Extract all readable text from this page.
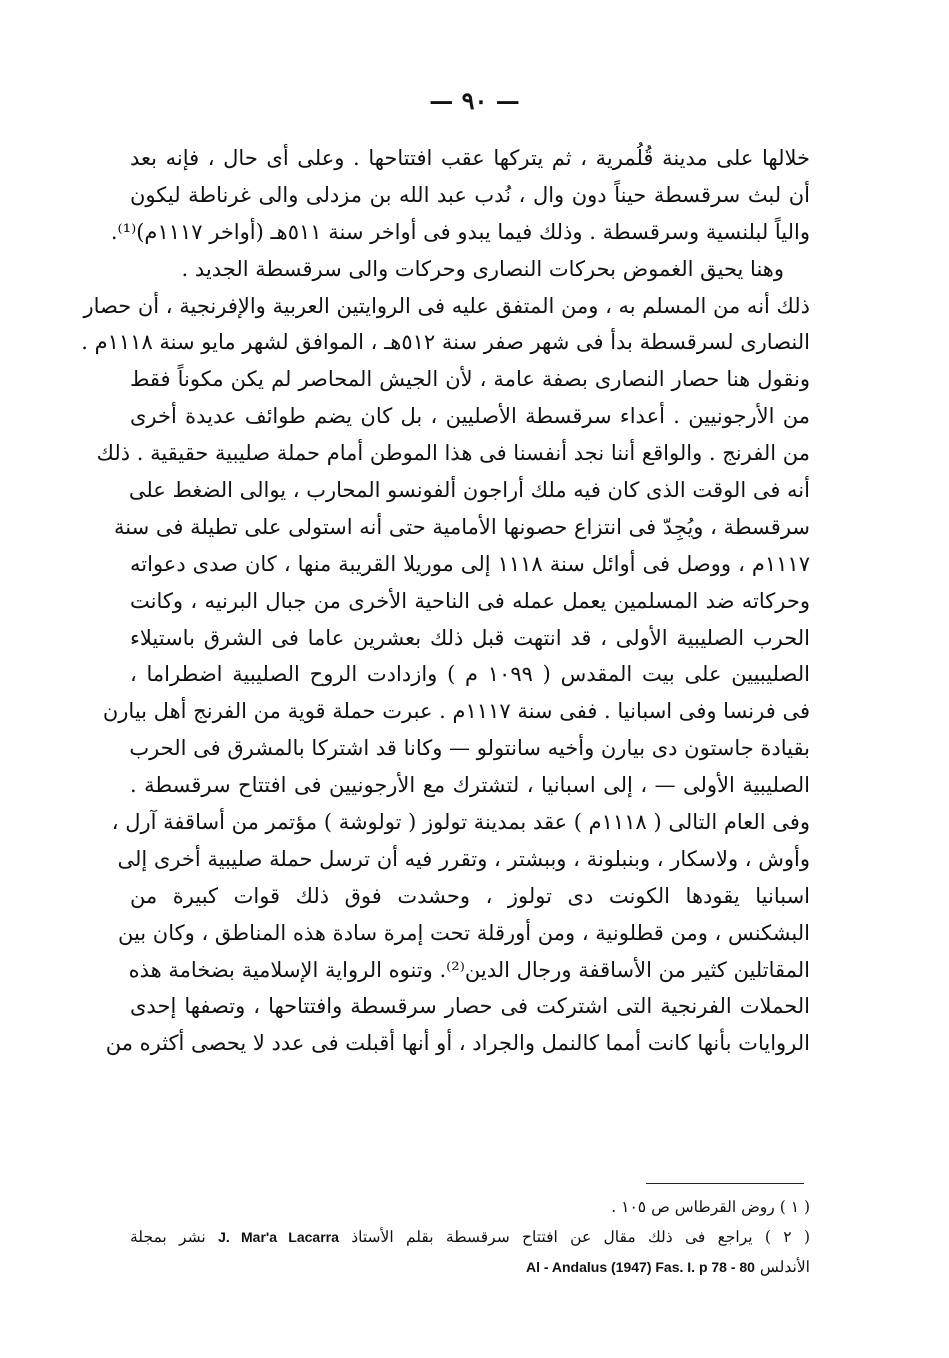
— ٩٠ —
خلالها على مدينة قُلُمرية ، ثم يتركها عقب افتتاحها . وعلى أى حال ، فإنه بعد
أن لبث سرقسطة حيناً دون وال ، نُدب عبد الله بن مزدلى والى غرناطة ليكون
والياً لبلنسية وسرقسطة . وذلك فيما يبدو فى أواخر سنة ٥١١هـ (أواخر ١١١٧م)⁽¹⁾.
وهنا يحيق الغموض بحركات النصارى وحركات والى سرقسطة الجديد .
ذلك أنه من المسلم به ، ومن المتفق عليه فى الروايتين العربية والإفرنجية ، أن حصار
النصارى لسرقسطة بدأ فى شهر صفر سنة ٥١٢هـ ، الموافق لشهر مايو سنة ١١١٨م .
ونقول هنا حصار النصارى بصفة عامة ، لأن الجيش المحاصر لم يكن مكوناً فقط
من الأرجونيين . أعداء سرقسطة الأصليين ، بل كان يضم طوائف عديدة أخرى
من الفرنج . والواقع أننا نجد أنفسنا فى هذا الموطن أمام حملة صليبية حقيقية . ذلك
أنه فى الوقت الذى كان فيه ملك أراجون ألفونسو المحارب ، يوالى الضغط على
سرقسطة ، ويُجِدّ فى انتزاع حصونها الأمامية حتى أنه استولى على تطيلة فى سنة
١١١٧م ، ووصل فى أوائل سنة ١١١٨ إلى موريلا القريبة منها ، كان صدى دعواته
وحركاته ضد المسلمين يعمل عمله فى الناحية الأخرى من جبال البرنيه ، وكانت
الحرب الصليبية الأولى ، قد انتهت قبل ذلك بعشرين عاما فى الشرق باستيلاء
الصليبيين على بيت المقدس ( ١٠٩٩ م ) وازدادت الروح الصليبية اضطراما ،
فى فرنسا وفى اسبانيا . ففى سنة ١١١٧م . عبرت حملة قوية من الفرنج أهل بيارن
بقيادة جاستون دى بيارن وأخيه سانتولو — وكانا قد اشتركا بالمشرق فى الحرب
الصليبية الأولى — ، إلى اسبانيا ، لتشترك مع الأرجونيين فى افتتاح سرقسطة .
وفى العام التالى ( ١١١٨م ) عقد بمدينة تولوز ( تولوشة ) مؤتمر من أساقفة آرل ،
وأوش ، ولاسكار ، وبنبلونة ، وببشتر ، وتقرر فيه أن ترسل حملة صليبية أخرى إلى
اسبانيا يقودها الكونت دى تولوز ، وحشدت فوق ذلك قوات كبيرة من
البشكنس ، ومن قطلونية ، ومن أورقلة تحت إمرة سادة هذه المناطق ، وكان بين
المقاتلين كثير من الأساقفة ورجال الدين⁽²⁾. وتنوه الرواية الإسلامية بضخامة هذه
الحملات الفرنجية التى اشتركت فى حصار سرقسطة وافتتاحها ، وتصفها إحدى
الروايات بأنها كانت أمما كالنمل والجراد ، أو أنها أقبلت فى عدد لا يحصى أكثره من
( ١ ) روض القرطاس ص ١٠٥ .
( ٢ ) يراجع فى ذلك مقال عن افتتاح سرقسطة بقلم الأستاذ J. Mar'a Lacarra نشر بمجلة
الأندلس Al - Andalus (1947) Fas. I. p 78 - 80
